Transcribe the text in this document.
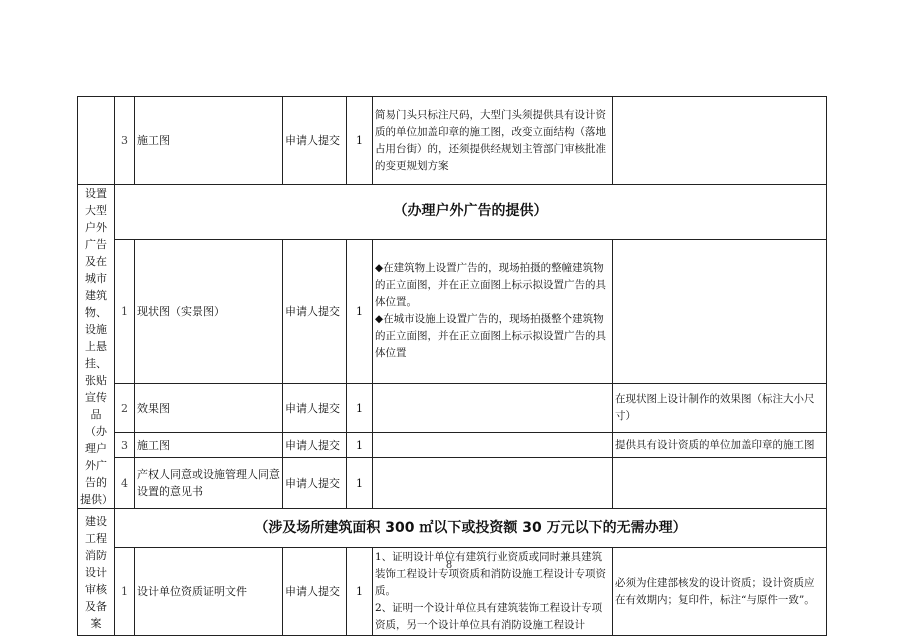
	3	施工图	申请人提交	1	简易门头只标注尺码，大型门头须提供具有设计资质的单位加盖印章的施工图，改变立面结构（落地占用台街）的，还须提供经规划主管部门审核批准的变更规划方案	
设置大型户外广告及在城市建筑物、设施上悬挂、张贴宣传品（办理户外广告的提供）	（办理户外广告的提供）					
	1	现状图（实景图）	申请人提交	1	◆在建筑物上设置广告的，现场拍摄的整幢建筑物的正立面图，并在正立面图上标示拟设置广告的具体位置。
◆在城市设施上设置广告的，现场拍摄整个建筑物的正立面图，并在正立面图上标示拟设置广告的具体位置	
	2	效果图	申请人提交	1		在现状图上设计制作的效果图（标注大小尺寸）
	3	施工图	申请人提交	1		提供具有设计资质的单位加盖印章的施工图
	4	产权人同意或设施管理人同意设置的意见书	申请人提交	1		
建设工程消防设计审核及备案	（涉及场所建筑面积 300 ㎡以下或投资额 30 万元以下的无需办理）					
	1	设计单位资质证明文件	申请人提交	1	1、证明设计单位有建筑行业资质或同时兼具建筑装饰工程设计专项资质和消防设施工程设计专项资质。
2、证明一个设计单位具有建筑装饰工程设计专项资质，另一个设计单位具有消防设施工程设计	必须为住建部核发的设计资质；设计资质应在有效期内；复印件，标注“与原件一致”。
8
